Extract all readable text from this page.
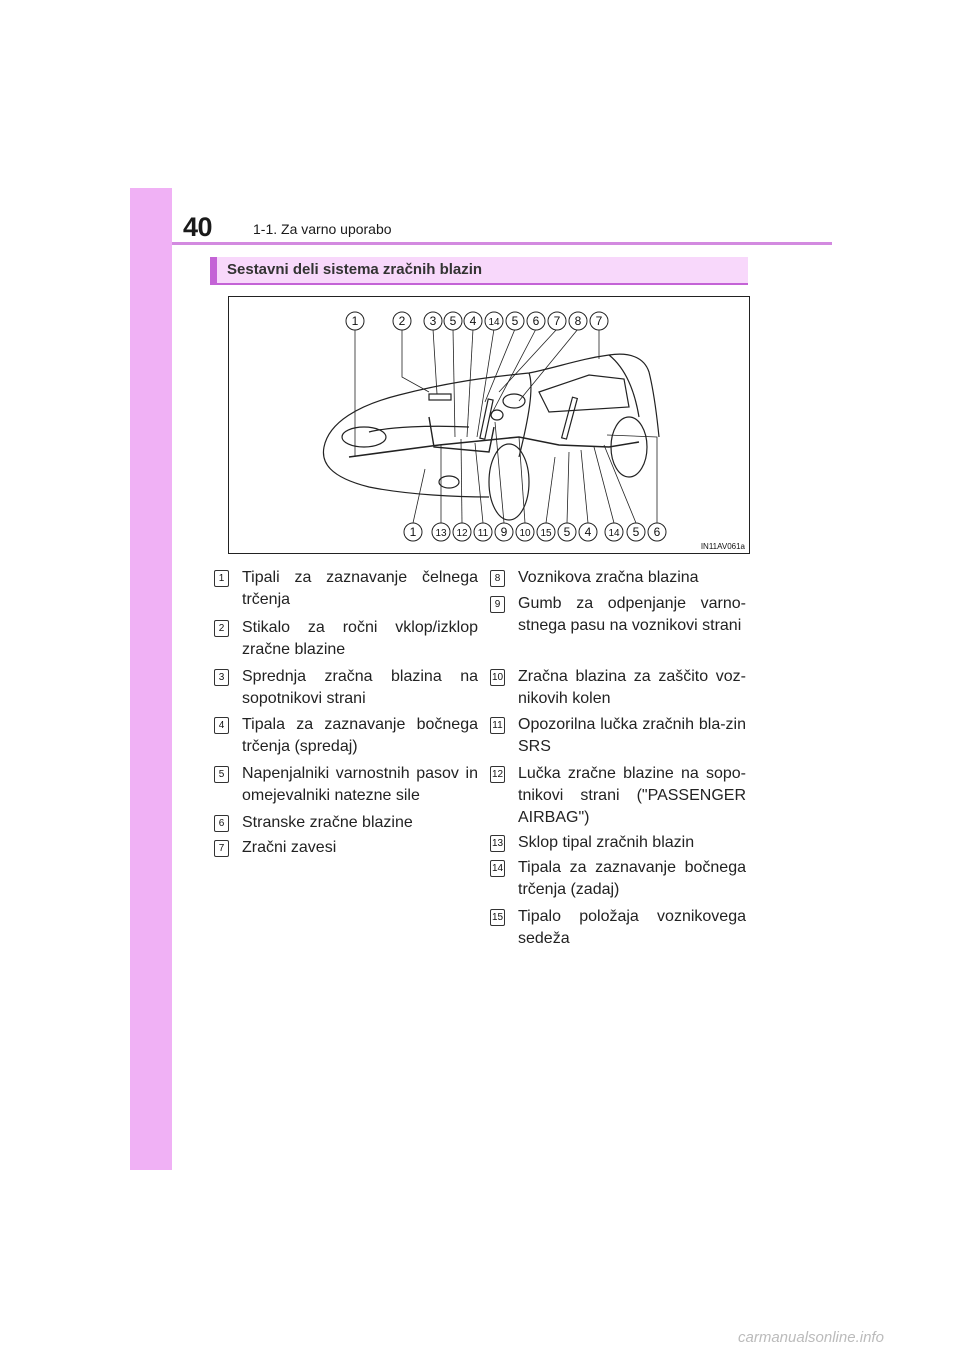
40	1-1. Za varno uporabo
Sestavni deli sistema zračnih blazin
1	2 3 5 4 14 5 6 7 8 7
1 13 12 11 9 10 15 5 4 14 5 6
IN11AV061a
1 Tipali za zaznavanje čelnega trčenja
2 Stikalo za ročni vklop/izklop zračne blazine
3 Sprednja zračna blazina na sopotnikovi strani
4 Tipala za zaznavanje bočnega trčenja (spredaj)
5 Napenjalniki varnostnih pasov in omejevalniki natezne sile
6 Stranske zračne blazine
7 Zračni zavesi
8 Voznikova zračna blazina
9 Gumb za odpenjanje varno-stnega pasu na voznikovi strani
10 Zračna blazina za zaščito voz-nikovih kolen
11 Opozorilna lučka zračnih bla-zin SRS
12 Lučka zračne blazine na sopo-tnikovi strani ("PASSENGER AIRBAG")
13 Sklop tipal zračnih blazin
14 Tipala za zaznavanje bočnega trčenja (zadaj)
15 Tipalo položaja voznikovega sedeža
carmanualsonline.info
